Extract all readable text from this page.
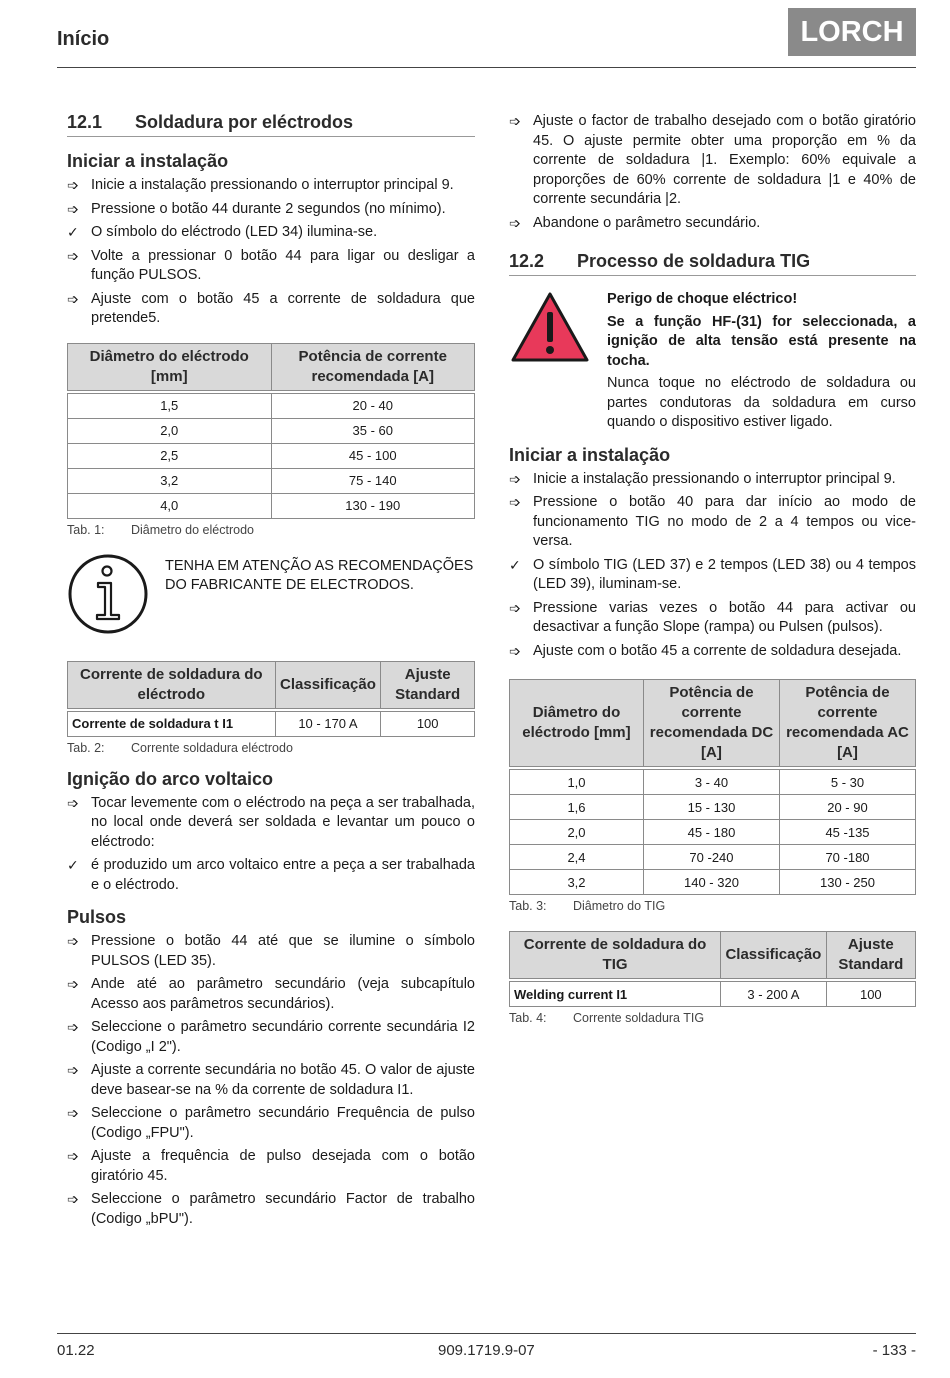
Início	LORCH
12.1	Soldadura por eléctrodos
Iniciar a instalação
➩ Inicie a instalação pressionando o interruptor principal 9.
➩ Pressione o botão 44 durante 2 segundos (no mínimo).
✓ O símbolo do eléctrodo (LED 34) ilumina-se.
➩ Volte a pressionar 0 botão 44 para ligar ou desligar a função PULSOS.
➩ Ajuste com o botão 45 a corrente de soldadura que pretende5.
Diâmetro do eléctrodo [mm]	Potência de corrente recomendada [A]

1,5	20 - 40
2,0	35 - 60
2,5	45 - 100
3,2	75 - 140
4,0	130 - 190
Tab. 1:	Diâmetro do eléctrodo
TENHA EM ATENÇÃO AS RECOMENDAÇÕES DO FABRICANTE DE ELECTRODOS.
Corrente de soldadura do eléctrodo	Classificação	Ajuste Standard

Corrente de soldadura t I1	10 - 170 A	100
Tab. 2:	Corrente soldadura eléctrodo
Ignição do arco voltaico
➩ Tocar levemente com o eléctrodo na peça a ser trabalhada, no local onde deverá ser soldada e levantar um pouco o eléctrodo:
✓ é produzido um arco voltaico entre a peça a ser trabalhada e o eléctrodo.
Pulsos
➩ Pressione o botão 44 até que se ilumine o símbolo PULSOS (LED 35).
➩ Ande até ao parâmetro secundário (veja subcapítulo Acesso aos parâmetros secundários).
➩ Seleccione o parâmetro secundário corrente secundária I2 (Codigo „I 2").
➩ Ajuste a corrente secundária no botão 45. O valor de ajuste deve basear-se na % da corrente de soldadura I1.
➩ Seleccione o parâmetro secundário Frequência de pulso (Codigo „FPU").
➩ Ajuste a frequência de pulso desejada com o botão giratório 45.
➩ Seleccione o parâmetro secundário Factor de trabalho (Codigo „bPU").
➩ Ajuste o factor de trabalho desejado com o botão giratório 45. O ajuste permite obter uma proporção em % da corrente de soldadura |1. Exemplo: 60% equivale a proporções de 60% corrente de soldadura |1 e 40% de corrente secundária |2.
➩ Abandone o parâmetro secundário.
12.2	Processo de soldadura TIG
Perigo de choque eléctrico!
Se a função HF-(31) for seleccionada, a ignição de alta tensão está presente na tocha.
Nunca toque no eléctrodo de soldadura ou partes condutoras da soldadura em curso quando o dispositivo estiver ligado.
Iniciar a instalação
➩ Inicie a instalação pressionando o interruptor principal 9.
➩ Pressione o botão 40 para dar início ao modo de funcionamento TIG no modo de 2 a 4 tempos ou vice-versa.
✓ O símbolo TIG (LED 37) e 2 tempos (LED 38) ou 4 tempos (LED 39), iluminam-se.
➩ Pressione varias vezes o botão 44 para activar ou desactivar a função Slope (rampa) ou Pulsen (pulsos).
➩ Ajuste com o botão 45 a corrente de soldadura desejada.
Diâmetro do eléctrodo [mm]	Potência de corrente recomendada DC [A]	Potência de corrente recomendada AC [A]

1,0	3 - 40	5 - 30
1,6	15 - 130	20 - 90
2,0	45 - 180	45 -135
2,4	70 -240	70 -180
3,2	140 - 320	130 - 250
Tab. 3:	Diâmetro do TIG
Corrente de soldadura do TIG	Classificação	Ajuste Standard

Welding current I1	3 - 200 A	100
Tab. 4:	Corrente soldadura TIG
01.22	909.1719.9-07	- 133 -
